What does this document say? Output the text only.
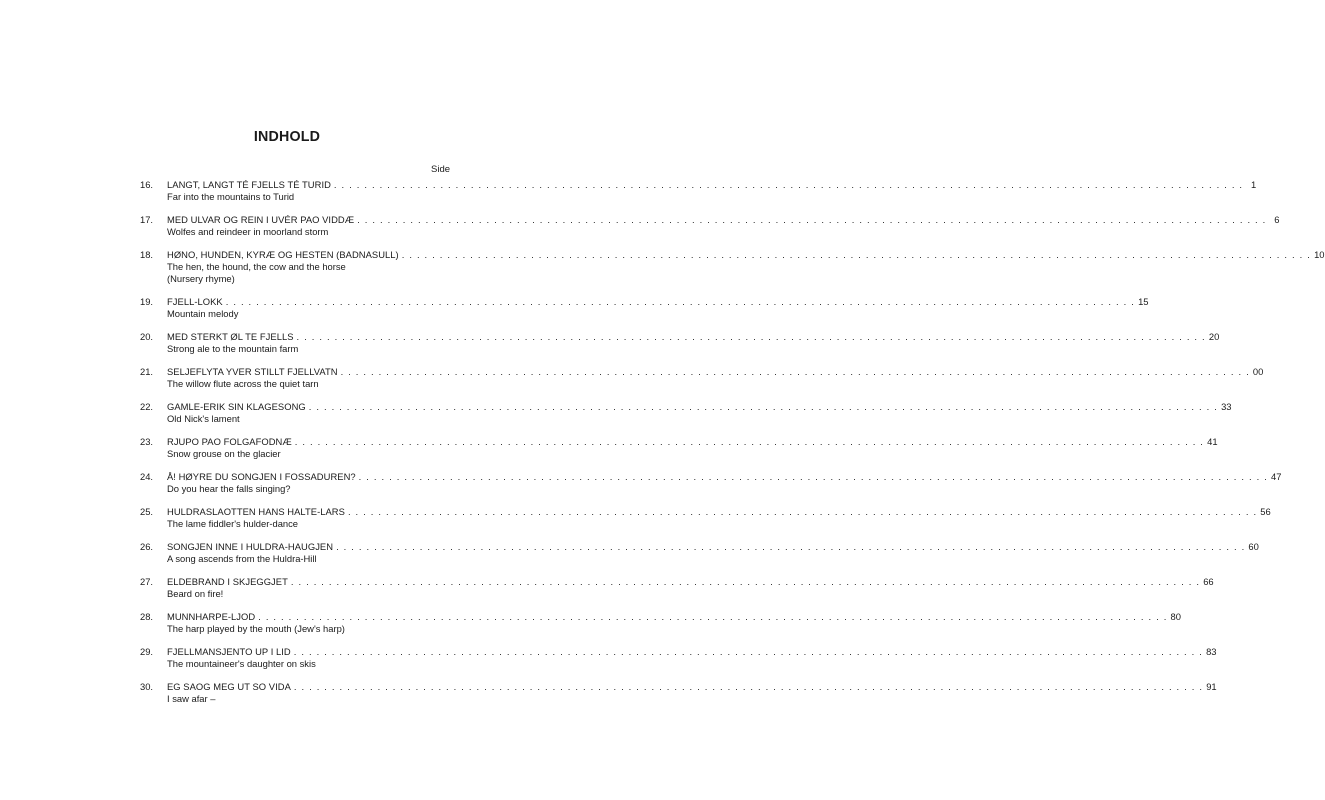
INDHOLD
Side
16.	LANGT, LANGT TÉ FJELLS TÉ TURID . . . . . . . . . . . . . . . . . . . . . . . . . . . . . . . . . . . . . . . . . . . . . . . . . . . . . . . . . . . . . . . . . . . . . . . . . . . . . . . . . . . . . . . . . . . . . . . . . . . . . . . . . . . . . . . . . . . . . . . . 1
Far into the mountains to Turid
17.	MED ULVAR OG REIN I UVÉR PAO VIDDÆ . . . . . . . . . . . . . . . . . . . . . . . . . . . . . . . . . . . . . . . . . . . . . . . . . . . . . . . . . . . . . . . . . . . . . . . . . . . . . . . . . . . . . . . . . . . . . . . . . . . . . . . . . . . . . . . . . . . . . . . . 6
Wolfes and reindeer in moorland storm
18.	HØNO, HUNDEN, KYRÆ OG HESTEN (BADNASULL) . . . . . . . . . . . . . . . . . . . . . . . . . . . . . . . . . . . . . . . . . . . . . . . . . . . . . . . . . . . . . . . . . . . . . . . . . . . . . . . . . . . . . . . . . . . . . . . . . . . . . . . . . . . . . . . . . . . . . . . . 10
The hen, the hound, the cow and the horse
(Nursery rhyme)
19.	FJELL-LOKK . . . . . . . . . . . . . . . . . . . . . . . . . . . . . . . . . . . . . . . . . . . . . . . . . . . . . . . . . . . . . . . . . . . . . . . . . . . . . . . . . . . . . . . . . . . . . . . . . . . . . . . . . . . . . . . . . . . . . . . . 15
Mountain melody
20.	MED STERKT ØL TE FJELLS . . . . . . . . . . . . . . . . . . . . . . . . . . . . . . . . . . . . . . . . . . . . . . . . . . . . . . . . . . . . . . . . . . . . . . . . . . . . . . . . . . . . . . . . . . . . . . . . . . . . . . . . . . . . . . . . . . . . . . . . 20
Strong ale to the mountain farm
21.	SELJEFLYTA YVER STILLT FJELLVATN . . . . . . . . . . . . . . . . . . . . . . . . . . . . . . . . . . . . . . . . . . . . . . . . . . . . . . . . . . . . . . . . . . . . . . . . . . . . . . . . . . . . . . . . . . . . . . . . . . . . . . . . . . . . . . . . . . . . . . . . 00
The willow flute across the quiet tarn
22.	GAMLE-ERIK SIN KLAGESONG . . . . . . . . . . . . . . . . . . . . . . . . . . . . . . . . . . . . . . . . . . . . . . . . . . . . . . . . . . . . . . . . . . . . . . . . . . . . . . . . . . . . . . . . . . . . . . . . . . . . . . . . . . . . . . . . . . . . . . . . 33
Old Nick's lament
23.	RJUPO PAO FOLGAFODNÆ . . . . . . . . . . . . . . . . . . . . . . . . . . . . . . . . . . . . . . . . . . . . . . . . . . . . . . . . . . . . . . . . . . . . . . . . . . . . . . . . . . . . . . . . . . . . . . . . . . . . . . . . . . . . . . . . . . . . . . . . 41
Snow grouse on the glacier
24.	Å! HØYRE DU SONGJEN I FOSSADUREN? . . . . . . . . . . . . . . . . . . . . . . . . . . . . . . . . . . . . . . . . . . . . . . . . . . . . . . . . . . . . . . . . . . . . . . . . . . . . . . . . . . . . . . . . . . . . . . . . . . . . . . . . . . . . . . . . . . . . . . . . 47
Do you hear the falls singing?
25.	HULDRASLAOTTEN HANS HALTE-LARS . . . . . . . . . . . . . . . . . . . . . . . . . . . . . . . . . . . . . . . . . . . . . . . . . . . . . . . . . . . . . . . . . . . . . . . . . . . . . . . . . . . . . . . . . . . . . . . . . . . . . . . . . . . . . . . . . . . . . . . . 56
The lame fiddler's hulder-dance
26.	SONGJEN INNE I HULDRA-HAUGJEN . . . . . . . . . . . . . . . . . . . . . . . . . . . . . . . . . . . . . . . . . . . . . . . . . . . . . . . . . . . . . . . . . . . . . . . . . . . . . . . . . . . . . . . . . . . . . . . . . . . . . . . . . . . . . . . . . . . . . . . . 60
A song ascends from the Huldra-Hill
27.	ELDEBRAND I SKJEGGJET . . . . . . . . . . . . . . . . . . . . . . . . . . . . . . . . . . . . . . . . . . . . . . . . . . . . . . . . . . . . . . . . . . . . . . . . . . . . . . . . . . . . . . . . . . . . . . . . . . . . . . . . . . . . . . . . . . . . . . . . 66
Beard on fire!
28.	MUNNHARPE-LJOD . . . . . . . . . . . . . . . . . . . . . . . . . . . . . . . . . . . . . . . . . . . . . . . . . . . . . . . . . . . . . . . . . . . . . . . . . . . . . . . . . . . . . . . . . . . . . . . . . . . . . . . . . . . . . . . . . . . . . . . . 80
The harp played by the mouth (Jew's harp)
29.	FJELLMANSJENTO UP I LID . . . . . . . . . . . . . . . . . . . . . . . . . . . . . . . . . . . . . . . . . . . . . . . . . . . . . . . . . . . . . . . . . . . . . . . . . . . . . . . . . . . . . . . . . . . . . . . . . . . . . . . . . . . . . . . . . . . . . . . . 83
The mountaineer's daughter on skis
30.	EG SAOG MEG UT SO VIDA . . . . . . . . . . . . . . . . . . . . . . . . . . . . . . . . . . . . . . . . . . . . . . . . . . . . . . . . . . . . . . . . . . . . . . . . . . . . . . . . . . . . . . . . . . . . . . . . . . . . . . . . . . . . . . . . . . . . . . . . 91
I saw afar –
